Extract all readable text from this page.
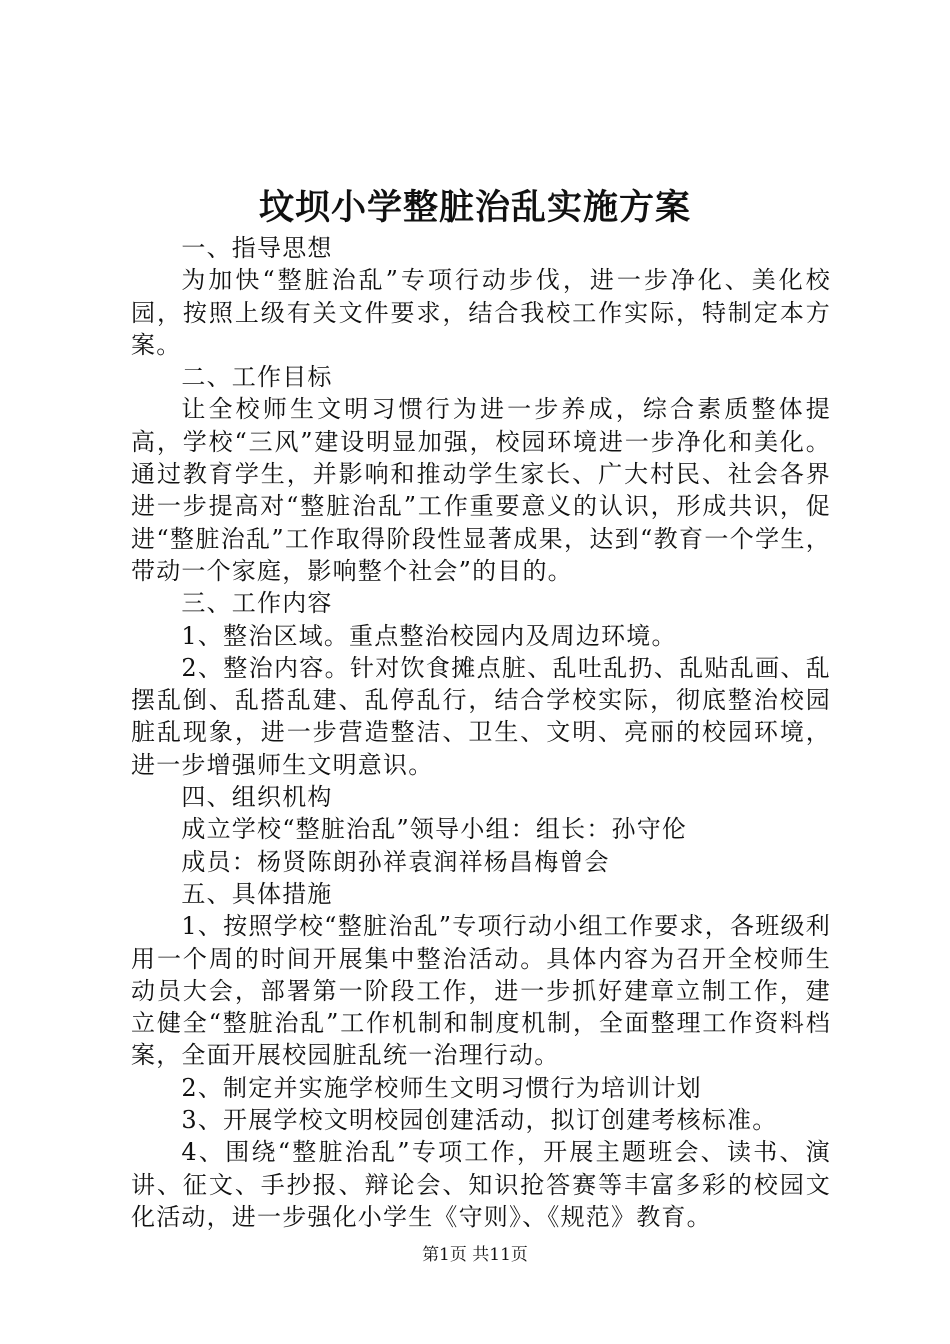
坟坝小学整脏治乱实施方案

一、指导思想

为加快“整脏治乱”专项行动步伐，进一步净化、美化校园，按照上级有关文件要求，结合我校工作实际，特制定本方案。

二、工作目标

让全校师生文明习惯行为进一步养成，综合素质整体提高，学校“三风”建设明显加强，校园环境进一步净化和美化。通过教育学生，并影响和推动学生家长、广大村民、社会各界进一步提高对“整脏治乱”工作重要意义的认识，形成共识，促进“整脏治乱”工作取得阶段性显著成果，达到“教育一个学生，带动一个家庭，影响整个社会”的目的。

三、工作内容

1、整治区域。重点整治校园内及周边环境。

2、整治内容。针对饮食摊点脏、乱吐乱扔、乱贴乱画、乱摆乱倒、乱搭乱建、乱停乱行，结合学校实际，彻底整治校园脏乱现象，进一步营造整洁、卫生、文明、亮丽的校园环境，进一步增强师生文明意识。

四、组织机构

成立学校“整脏治乱”领导小组：组长：孙守伦

成员：杨贤陈朗孙祥袁润祥杨昌梅曾会

五、具体措施

1、按照学校“整脏治乱”专项行动小组工作要求，各班级利用一个周的时间开展集中整治活动。具体内容为召开全校师生动员大会，部署第一阶段工作，进一步抓好建章立制工作，建立健全“整脏治乱”工作机制和制度机制，全面整理工作资料档案，全面开展校园脏乱统一治理行动。

2、制定并实施学校师生文明习惯行为培训计划

3、开展学校文明校园创建活动，拟订创建考核标准。

4、围绕“整脏治乱”专项工作，开展主题班会、读书、演讲、征文、手抄报、辩论会、知识抢答赛等丰富多彩的校园文化活动，进一步强化小学生《守则》、《规范》教育。

第1页 共11页
